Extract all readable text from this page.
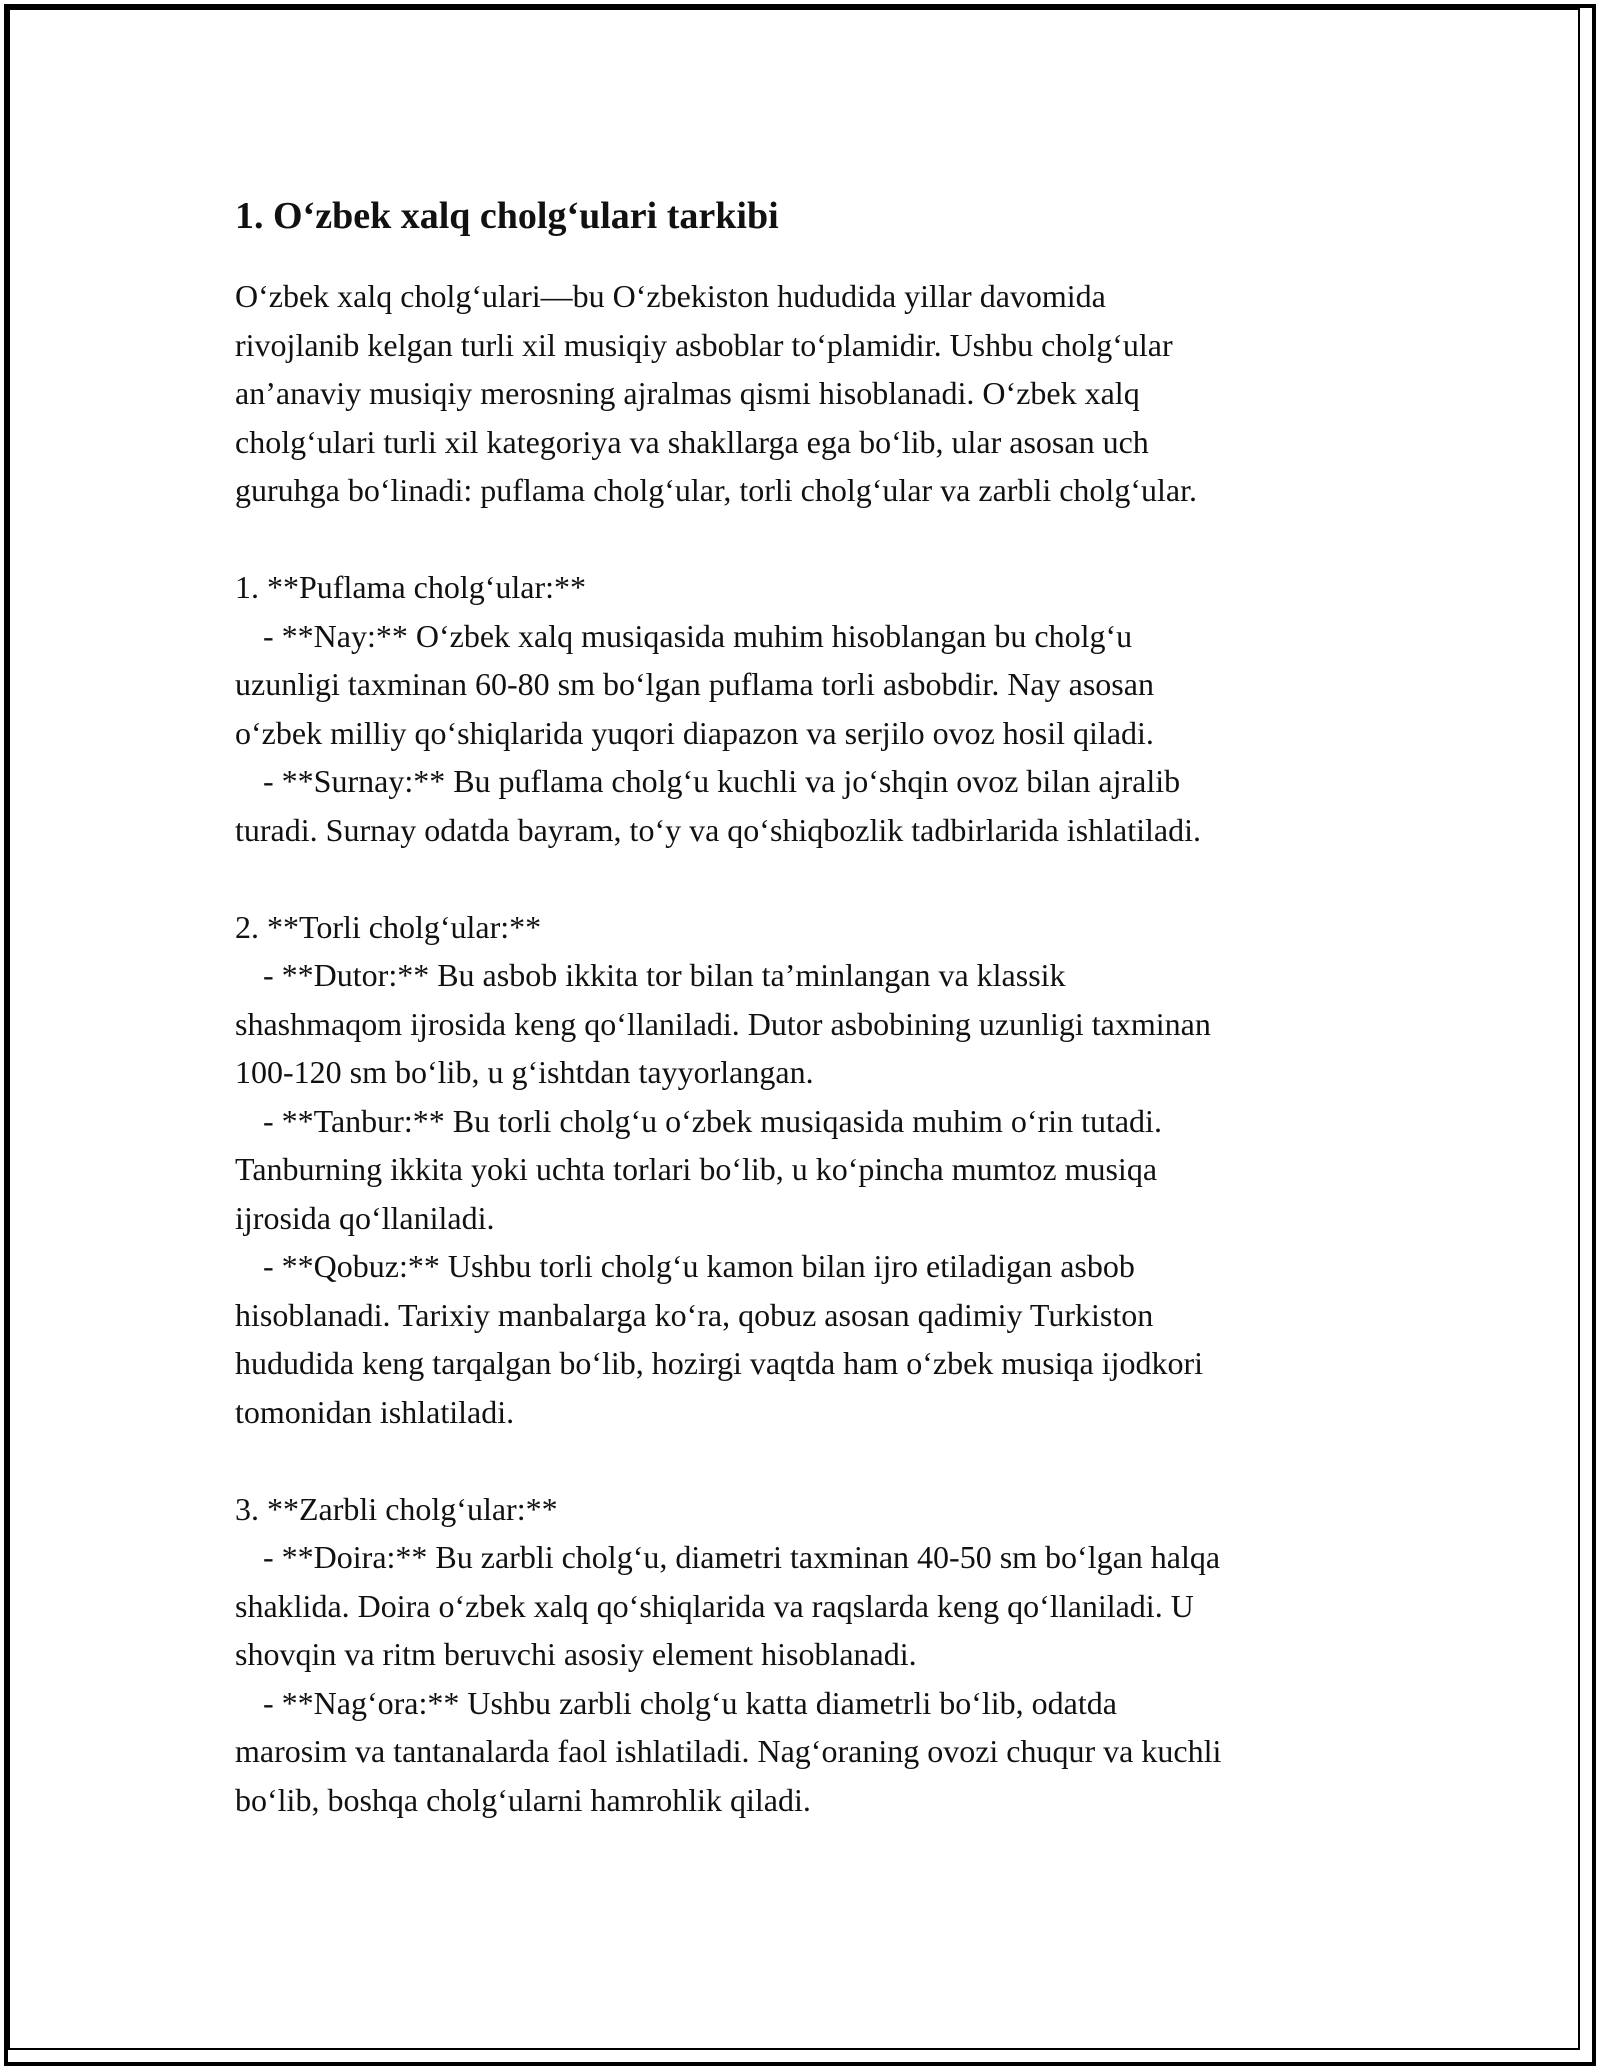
1. O‘zbek xalq cholg‘ulari tarkibi

O‘zbek xalq cholg‘ulari—bu O‘zbekiston hududida yillar davomida

rivojlanib kelgan turli xil musiqiy asboblar to‘plamidir. Ushbu cholg‘ular

an’anaviy musiqiy merosning ajralmas qismi hisoblanadi. O‘zbek xalq

cholg‘ulari turli xil kategoriya va shakllarga ega bo‘lib, ular asosan uch

guruhga bo‘linadi: puflama cholg‘ular, torli cholg‘ular va zarbli cholg‘ular.

1. **Puflama cholg‘ular:**

- **Nay:** O‘zbek xalq musiqasida muhim hisoblangan bu cholg‘u

uzunligi taxminan 60-80 sm bo‘lgan puflama torli asbobdir. Nay asosan

o‘zbek milliy qo‘shiqlarida yuqori diapazon va serjilo ovoz hosil qiladi.

- **Surnay:** Bu puflama cholg‘u kuchli va jo‘shqin ovoz bilan ajralib

turadi. Surnay odatda bayram, to‘y va qo‘shiqbozlik tadbirlarida ishlatiladi.

2. **Torli cholg‘ular:**

- **Dutor:** Bu asbob ikkita tor bilan ta’minlangan va klassik

shashmaqom ijrosida keng qo‘llaniladi. Dutor asbobining uzunligi taxminan

100-120 sm bo‘lib, u g‘ishtdan tayyorlangan.

- **Tanbur:** Bu torli cholg‘u o‘zbek musiqasida muhim o‘rin tutadi.

Tanburning ikkita yoki uchta torlari bo‘lib, u ko‘pincha mumtoz musiqa

ijrosida qo‘llaniladi.

- **Qobuz:** Ushbu torli cholg‘u kamon bilan ijro etiladigan asbob

hisoblanadi. Tarixiy manbalarga ko‘ra, qobuz asosan qadimiy Turkiston

hududida keng tarqalgan bo‘lib, hozirgi vaqtda ham o‘zbek musiqa ijodkori

tomonidan ishlatiladi.

3. **Zarbli cholg‘ular:**

- **Doira:** Bu zarbli cholg‘u, diametri taxminan 40-50 sm bo‘lgan halqa

shaklida. Doira o‘zbek xalq qo‘shiqlarida va raqslarda keng qo‘llaniladi. U

shovqin va ritm beruvchi asosiy element hisoblanadi.

- **Nag‘ora:** Ushbu zarbli cholg‘u katta diametrli bo‘lib, odatda

marosim va tantanalarda faol ishlatiladi. Nag‘oraning ovozi chuqur va kuchli

bo‘lib, boshqa cholg‘ularni hamrohlik qiladi.
